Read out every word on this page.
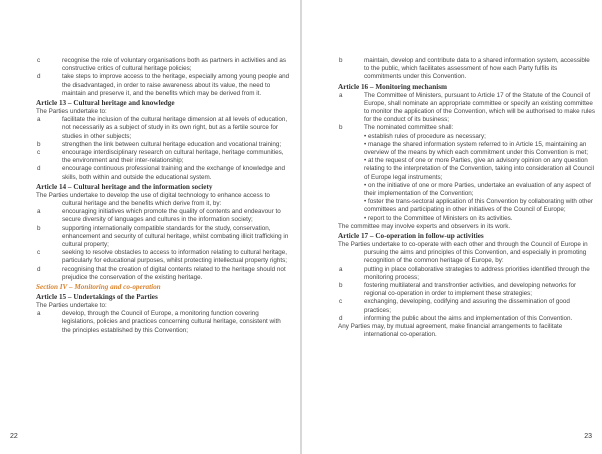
c	recognise the role of voluntary organisations both as partners in activities and as constructive critics of cultural heritage policies;

d	take steps to improve access to the heritage, especially among young people and the disadvantaged, in order to raise awareness about its value, the need to maintain and preserve it, and the benefits which may be derived from it.

Article 13 – Cultural heritage and knowledge

The Parties undertake to:

a	facilitate the inclusion of the cultural heritage dimension at all levels of education, not necessarily as a subject of study in its own right, but as a fertile source for studies in other subjects;

b	strengthen the link between cultural heritage education and vocational training;

c	encourage interdisciplinary research on cultural heritage, heritage communities, the environment and their inter-relationship;

d	encourage continuous professional training and the exchange of knowledge and skills, both within and outside the educational system.

Article 14 – Cultural heritage and the information society

The Parties undertake to develop the use of digital technology to enhance access to cultural heritage and the benefits which derive from it, by:

a	encouraging initiatives which promote the quality of contents and endeavour to secure diversity of languages and cultures in the information society;

b	supporting internationally compatible standards for the study, conservation, enhancement and security of cultural heritage, whilst combating illicit trafficking in cultural property;

c	seeking to resolve obstacles to access to information relating to cultural heritage, particularly for educational purposes, whilst protecting intellectual property rights;

d	recognising that the creation of digital contents related to the heritage should not prejudice the conservation of the existing heritage.

Section IV – Monitoring and co-operation
Article 15 – Undertakings of the Parties

The Parties undertake to:

a	develop, through the Council of Europe, a monitoring function covering legislations, policies and practices concerning cultural heritage, consistent with the principles established by this Convention;

22
b	maintain, develop and contribute data to a shared information system, accessible to the public, which facilitates assessment of how each Party fulfils its commitments under this Convention.

Article 16 – Monitoring mechanism
a	The Committee of Ministers, pursuant to Article 17 of the Statute of the Council of Europe, shall nominate an appropriate committee or specify an existing committee to monitor the application of the Convention, which will be authorised to make rules for the conduct of its business;

b	The nominated committee shall:

• establish rules of procedure as necessary;

• manage the shared information system referred to in Article 15, maintaining an overview of the means by which each commitment under this Convention is met;

• at the request of one or more Parties, give an advisory opinion on any question relating to the interpretation of the Convention, taking into consideration all Council of Europe legal instruments;

• on the initiative of one or more Parties, undertake an evaluation of any aspect of their implementation of the Convention;

• foster the trans-sectoral application of this Convention by collaborating with other committees and participating in other initiatives of the Council of Europe;

• report to the Committee of Ministers on its activities.

The committee may involve experts and observers in its work.

Article 17 – Co-operation in follow-up activities

The Parties undertake to co-operate with each other and through the Council of Europe in pursuing the aims and principles of this Convention, and especially in promoting recognition of the common heritage of Europe, by:

a	putting in place collaborative strategies to address priorities identified through the monitoring process;

b	fostering multilateral and transfrontier activities, and developing networks for regional co-operation in order to implement these strategies;

c	exchanging, developing, codifying and assuring the dissemination of good practices;

d	informing the public about the aims and implementation of this Convention.

Any Parties may, by mutual agreement, make financial arrangements to facilitate international co-operation.

23
